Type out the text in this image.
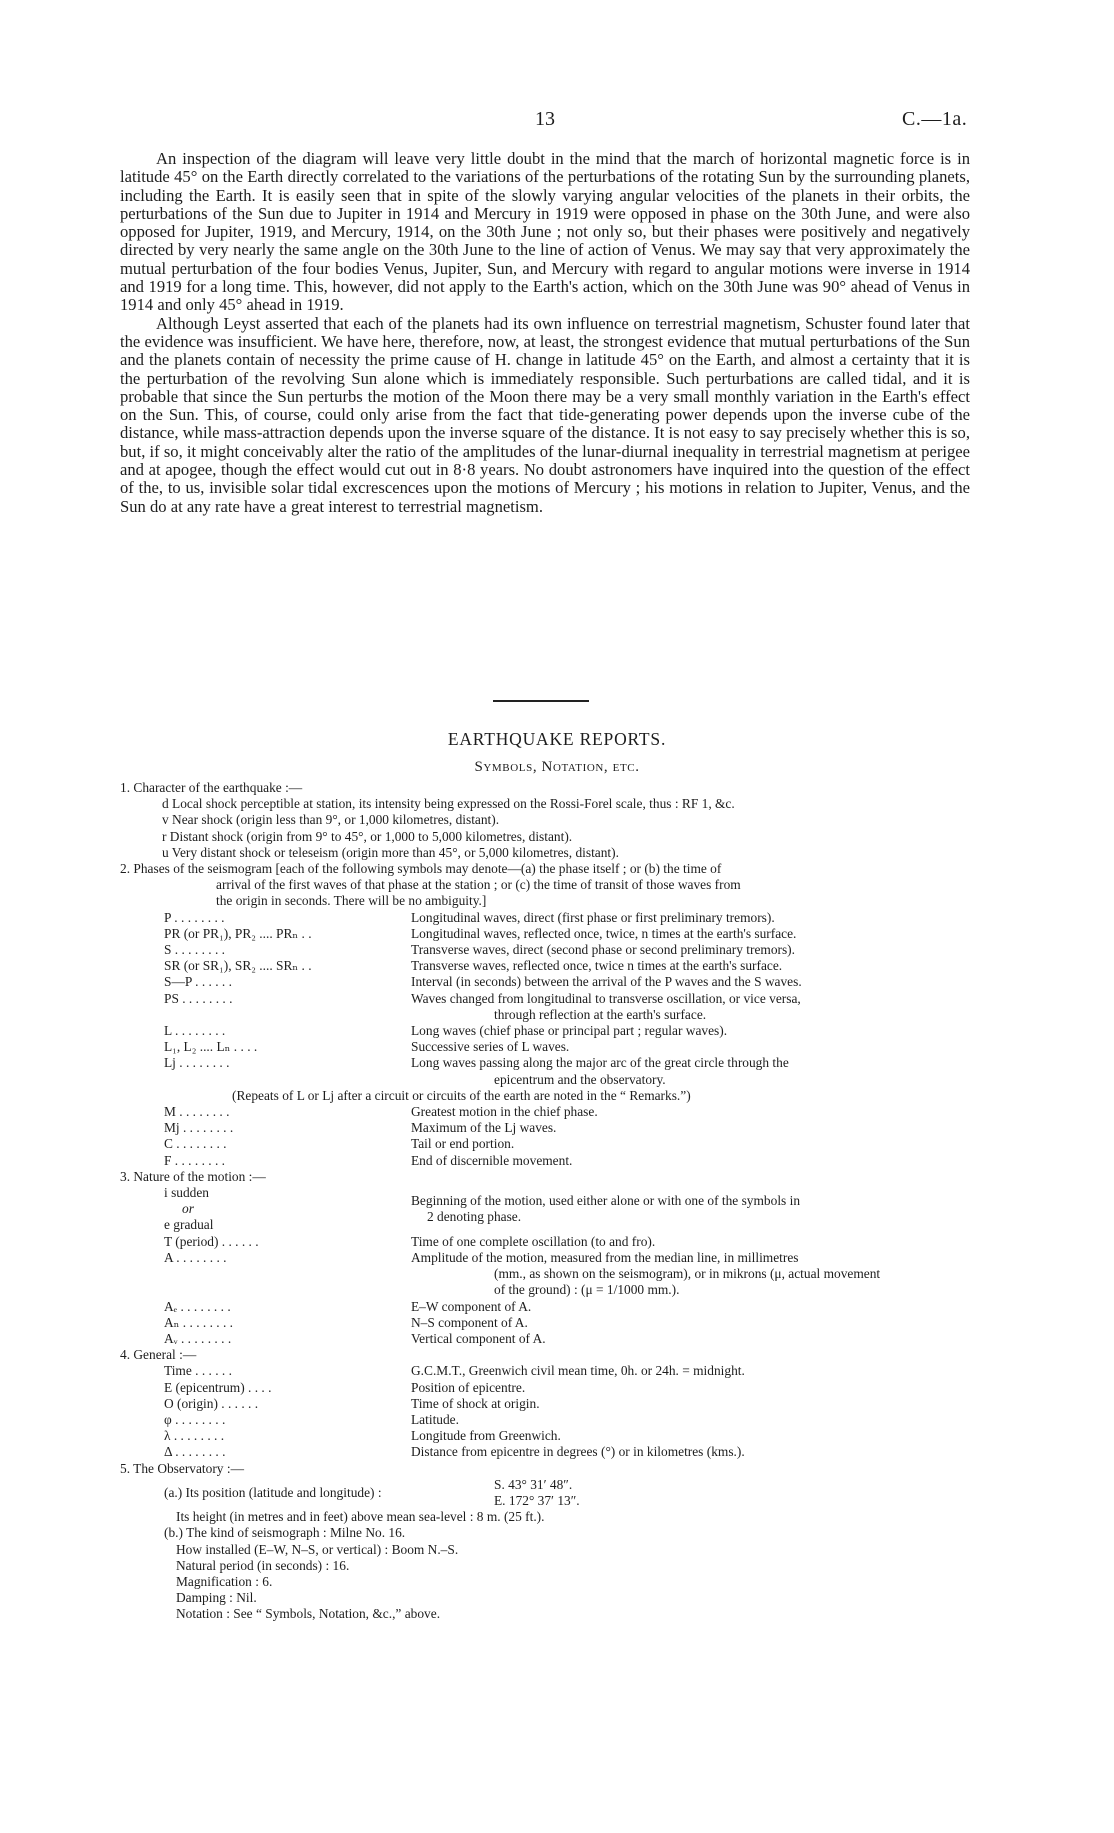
13	C.—1a.

An inspection of the diagram will leave very little doubt in the mind that the march of horizontal magnetic force is in latitude 45° on the Earth directly correlated to the variations of the perturbations of the rotating Sun by the surrounding planets, including the Earth. It is easily seen that in spite of the slowly varying angular velocities of the planets in their orbits, the perturbations of the Sun due to Jupiter in 1914 and Mercury in 1919 were opposed in phase on the 30th June, and were also opposed for Jupiter, 1919, and Mercury, 1914, on the 30th June ; not only so, but their phases were positively and negatively directed by very nearly the same angle on the 30th June to the line of action of Venus. We may say that very approximately the mutual perturbation of the four bodies Venus, Jupiter, Sun, and Mercury with regard to angular motions were inverse in 1914 and 1919 for a long time. This, however, did not apply to the Earth's action, which on the 30th June was 90° ahead of Venus in 1914 and only 45° ahead in 1919.

Although Leyst asserted that each of the planets had its own influence on terrestrial magnetism, Schuster found later that the evidence was insufficient. We have here, therefore, now, at least, the strongest evidence that mutual perturbations of the Sun and the planets contain of necessity the prime cause of H. change in latitude 45° on the Earth, and almost a certainty that it is the perturbation of the revolving Sun alone which is immediately responsible. Such perturbations are called tidal, and it is probable that since the Sun perturbs the motion of the Moon there may be a very small monthly variation in the Earth's effect on the Sun. This, of course, could only arise from the fact that tide-generating power depends upon the inverse cube of the distance, while mass-attraction depends upon the inverse square of the distance. It is not easy to say precisely whether this is so, but, if so, it might conceivably alter the ratio of the amplitudes of the lunar-diurnal inequality in terrestrial magnetism at perigee and at apogee, though the effect would cut out in 8·8 years. No doubt astronomers have inquired into the question of the effect of the, to us, invisible solar tidal excrescences upon the motions of Mercury ; his motions in relation to Jupiter, Venus, and the Sun do at any rate have a great interest to terrestrial magnetism.

EARTHQUAKE REPORTS.
Symbols, Notation, etc.
1. Character of the earthquake :—
d Local shock perceptible at station, its intensity being expressed on the Rossi-Forel scale, thus : RF 1, &c.
v Near shock (origin less than 9°, or 1,000 kilometres, distant).
r Distant shock (origin from 9° to 45°, or 1,000 to 5,000 kilometres, distant).
u Very distant shock or teleseism (origin more than 45°, or 5,000 kilometres, distant).
2. Phases of the seismogram [each of the following symbols may denote—(a) the phase itself ; or (b) the time of
arrival of the first waves of that phase at the station ; or (c) the time of transit of those waves from
the origin in seconds. There will be no ambiguity.]
P . . . . . . . .	Longitudinal waves, direct (first phase or first preliminary tremors).
PR (or PR₁), PR₂ .... PRₙ . .	Longitudinal waves, reflected once, twice, n times at the earth's surface.
S . . . . . . . .	Transverse waves, direct (second phase or second preliminary tremors).
SR (or SR₁), SR₂ .... SRₙ . .	Transverse waves, reflected once, twice n times at the earth's surface.
S—P . . . . . .	Interval (in seconds) between the arrival of the P waves and the S waves.
PS . . . . . . . .	Waves changed from longitudinal to transverse oscillation, or vice versa,
through reflection at the earth's surface.
L . . . . . . . .	Long waves (chief phase or principal part ; regular waves).
L₁, L₂ .... Lₙ . . . .	Successive series of L waves.
Lj . . . . . . . .	Long waves passing along the major arc of the great circle through the
epicentrum and the observatory.
(Repeats of L or Lj after a circuit or circuits of the earth are noted in the “ Remarks.”)
M . . . . . . . .	Greatest motion in the chief phase.
Mj . . . . . . . .	Maximum of the Lj waves.
C . . . . . . . .	Tail or end portion.
F . . . . . . . .	End of discernible movement.
3. Nature of the motion :—
i sudden
or
e gradual
Beginning of the motion, used either alone or with one of the symbols in
2 denoting phase.
T (period) . . . . . .	Time of one complete oscillation (to and fro).
A . . . . . . . .	Amplitude of the motion, measured from the median line, in millimetres
(mm., as shown on the seismogram), or in mikrons (μ, actual movement
of the ground) : (μ = 1/1000 mm.).
Aₑ . . . . . . . .	E–W component of A.
Aₙ . . . . . . . .	N–S component of A.
Aᵥ . . . . . . . .	Vertical component of A.
4. General :—
Time . . . . . .	G.C.M.T., Greenwich civil mean time, 0h. or 24h. = midnight.
E (epicentrum) . . . .	Position of epicentre.
O (origin) . . . . . .	Time of shock at origin.
φ . . . . . . . .	Latitude.
λ . . . . . . . .	Longitude from Greenwich.
Δ . . . . . . . .	Distance from epicentre in degrees (°) or in kilometres (kms.).
5. The Observatory :—
(a.) Its position (latitude and longitude) :
S. 43° 31′ 48″.
E. 172° 37′ 13″.
Its height (in metres and in feet) above mean sea-level : 8 m. (25 ft.).
(b.) The kind of seismograph : Milne No. 16.
How installed (E–W, N–S, or vertical) : Boom N.–S.
Natural period (in seconds) : 16.
Magnification : 6.
Damping : Nil.
Notation : See “ Symbols, Notation, &c.,” above.
